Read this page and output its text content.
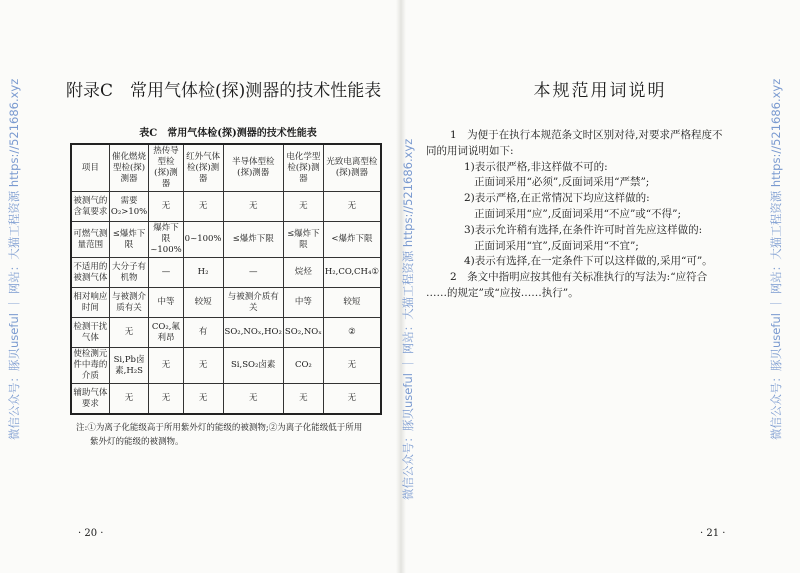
微信公众号：豚贝useful ｜ 网站：大猫工程资源 https://521686.xyz	微信公众号：豚贝useful ｜ 网站：大猫工程资源 https://521686.xyz	微信公众号：豚贝useful ｜ 网站：大猫工程资源 https://521686.xyz
附录C　常用气体检(探)测器的技术性能表
表C　常用气体检(探)测器的技术性能表
项目	催化燃烧型检(探)测器	热传导型检(探)测器	红外气体检(探)测器	半导体型检(探)测器	电化学型检(探)测器	光致电离型检(探)测器
被测气的含氧要求	需要O₂>10%	无	无	无	无	无
可燃气测量范围	≤爆炸下限	爆炸下限~100%	0~100%	≤爆炸下限	≤爆炸下限	<爆炸下限
不适用的被测气体	大分子有机物	—	H₂	—	烷烃	H₂,CO,CH₄①
相对响应时间	与被测介质有关	中等	较短	与被测介质有关	中等	较短
检测干扰气体	无	CO₂,氟利昂	有	SO₂,NOₓ,HO₂	SO₂,NOₓ	②
使检测元件中毒的介质	Si,Pb卤素,H₂S	无	无	Si,SO₂卤素	CO₂	无
辅助气体要求	无	无	无	无	无	无
注:①为离子化能级高于所用紫外灯的能级的被测物;②为离子化能级低于所用
紫外灯的能级的被测物。
· 20 ·
本规范用词说明

1　为便于在执行本规范条文时区别对待,对要求严格程度不

同的用词说明如下:

1)表示很严格,非这样做不可的:

正面词采用“必须”,反面词采用“严禁”;

2)表示严格,在正常情况下均应这样做的:

正面词采用“应”,反面词采用“不应”或“不得”;

3)表示允许稍有选择,在条件许可时首先应这样做的:

正面词采用“宜”,反面词采用“不宜”;

4)表示有选择,在一定条件下可以这样做的,采用“可”。

2　条文中指明应按其他有关标准执行的写法为:“应符合

……的规定”或“应按……执行”。

· 21 ·
